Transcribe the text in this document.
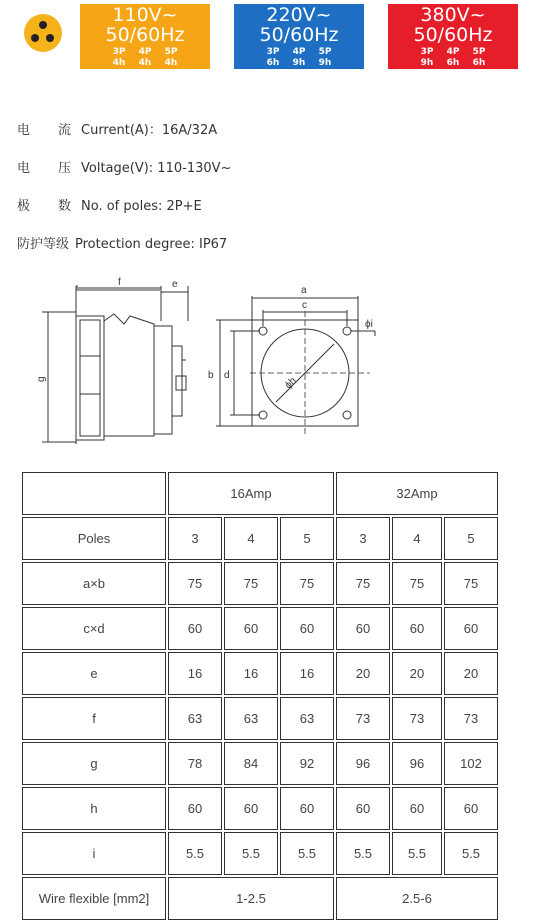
110V~
50/60Hz
3P 4P 5P
4h 4h 4h
220V~
50/60Hz
3P 4P 5P
6h 9h 9h
380V~
50/60Hz
3P 4P 5P
9h 6h 6h
电 流 Current(A)：16A/32A
电 压 Voltage(V): 110-130V~
极 数 No. of poles: 2P+E
防护等级 Protection degree: IP67
f	e
g
a
c
ϕi
b d	ϕh
	16Amp			32Amp		
Poles	3	4	5	3	4	5
a×b	75	75	75	75	75	75
c×d	60	60	60	60	60	60
e	16	16	16	20	20	20
f	63	63	63	73	73	73
g	78	84	92	96	96	102
h	60	60	60	60	60	60
i	5.5	5.5	5.5	5.5	5.5	5.5
Wire flexible [mm2]	1-2.5			2.5-6		
